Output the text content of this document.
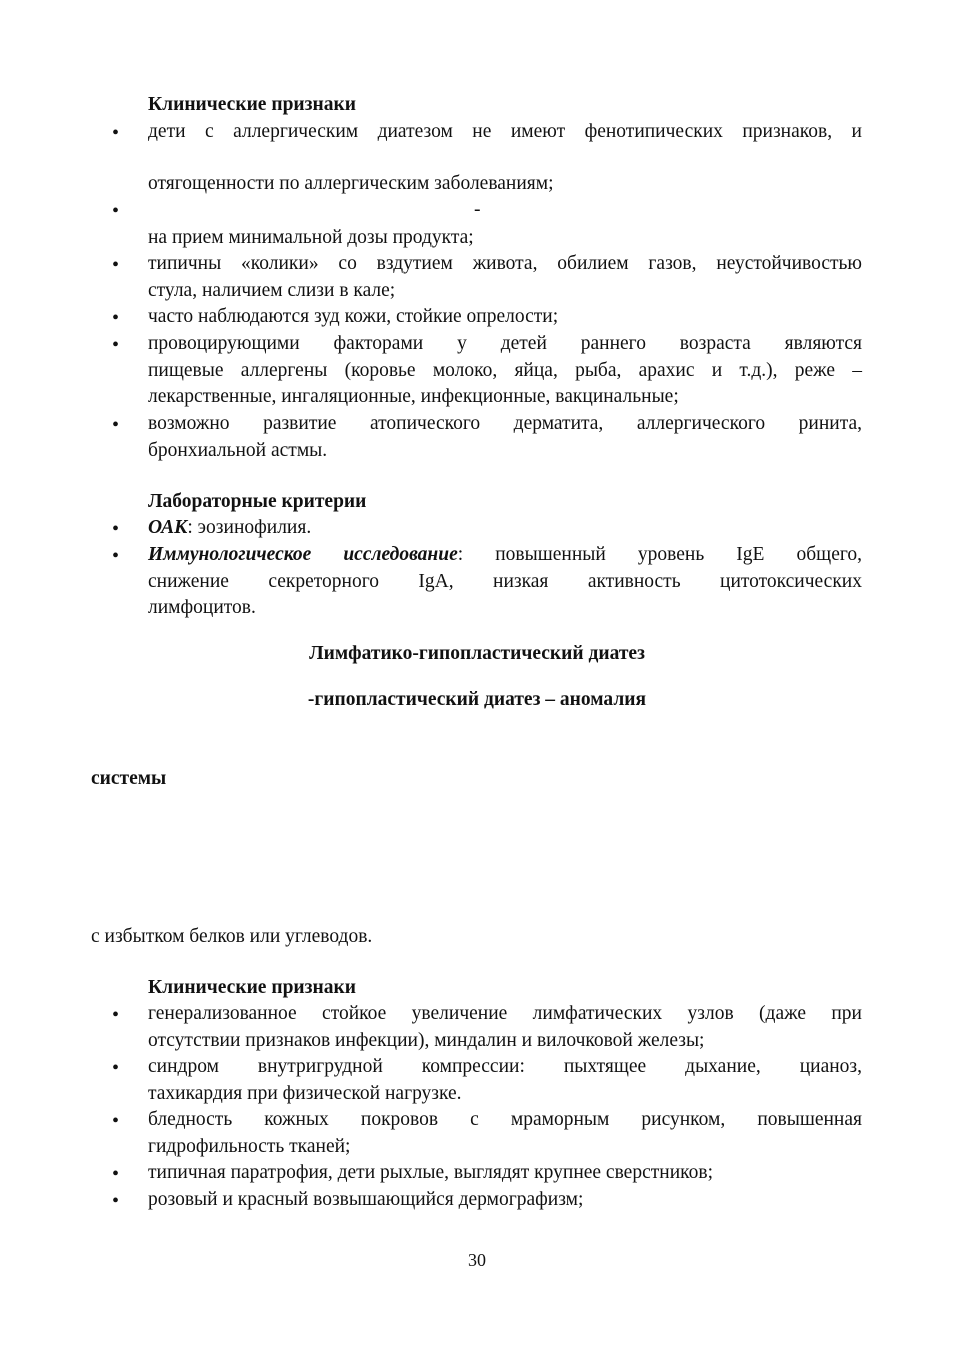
Клинические признаки
•	дети с аллергическим диатезом не имеют фенотипических признаков, и
отягощенности по аллергическим заболеваниям;
•	-
на прием минимальной дозы продукта;
•	типичны «колики» со вздутием живота, обилием газов, неустойчивостью
стула, наличием слизи в кале;
•	часто наблюдаются зуд кожи, стойкие опрелости;
•	провоцирующими факторами у детей раннего возраста являются
пищевые аллергены (коровье молоко, яйца, рыба, арахис и т.д.), реже –
лекарственные, ингаляционные, инфекционные, вакцинальные;
•	возможно развитие атопического дерматита, аллергического ринита,
бронхиальной астмы.
Лабораторные критерии
•	ОАК: эозинофилия.
•	Иммунологическое исследование: повышенный уровень IgE общего,
снижение секреторного IgA, низкая активность цитотоксических
лимфоцитов.
Лимфатико-гипопластический диатез
-гипопластический диатез – аномалия
системы
с избытком белков или углеводов.
Клинические признаки
•	генерализованное стойкое увеличение лимфатических узлов (даже при
отсутствии признаков инфекции), миндалин и вилочковой железы;
•	синдром внутригрудной компрессии: пыхтящее дыхание, цианоз,
тахикардия при физической нагрузке.
•	бледность кожных покровов с мраморным рисунком, повышенная
гидрофильность тканей;
•	типичная паратрофия, дети рыхлые, выглядят крупнее сверстников;
•	розовый и красный возвышающийся дермографизм;
30
